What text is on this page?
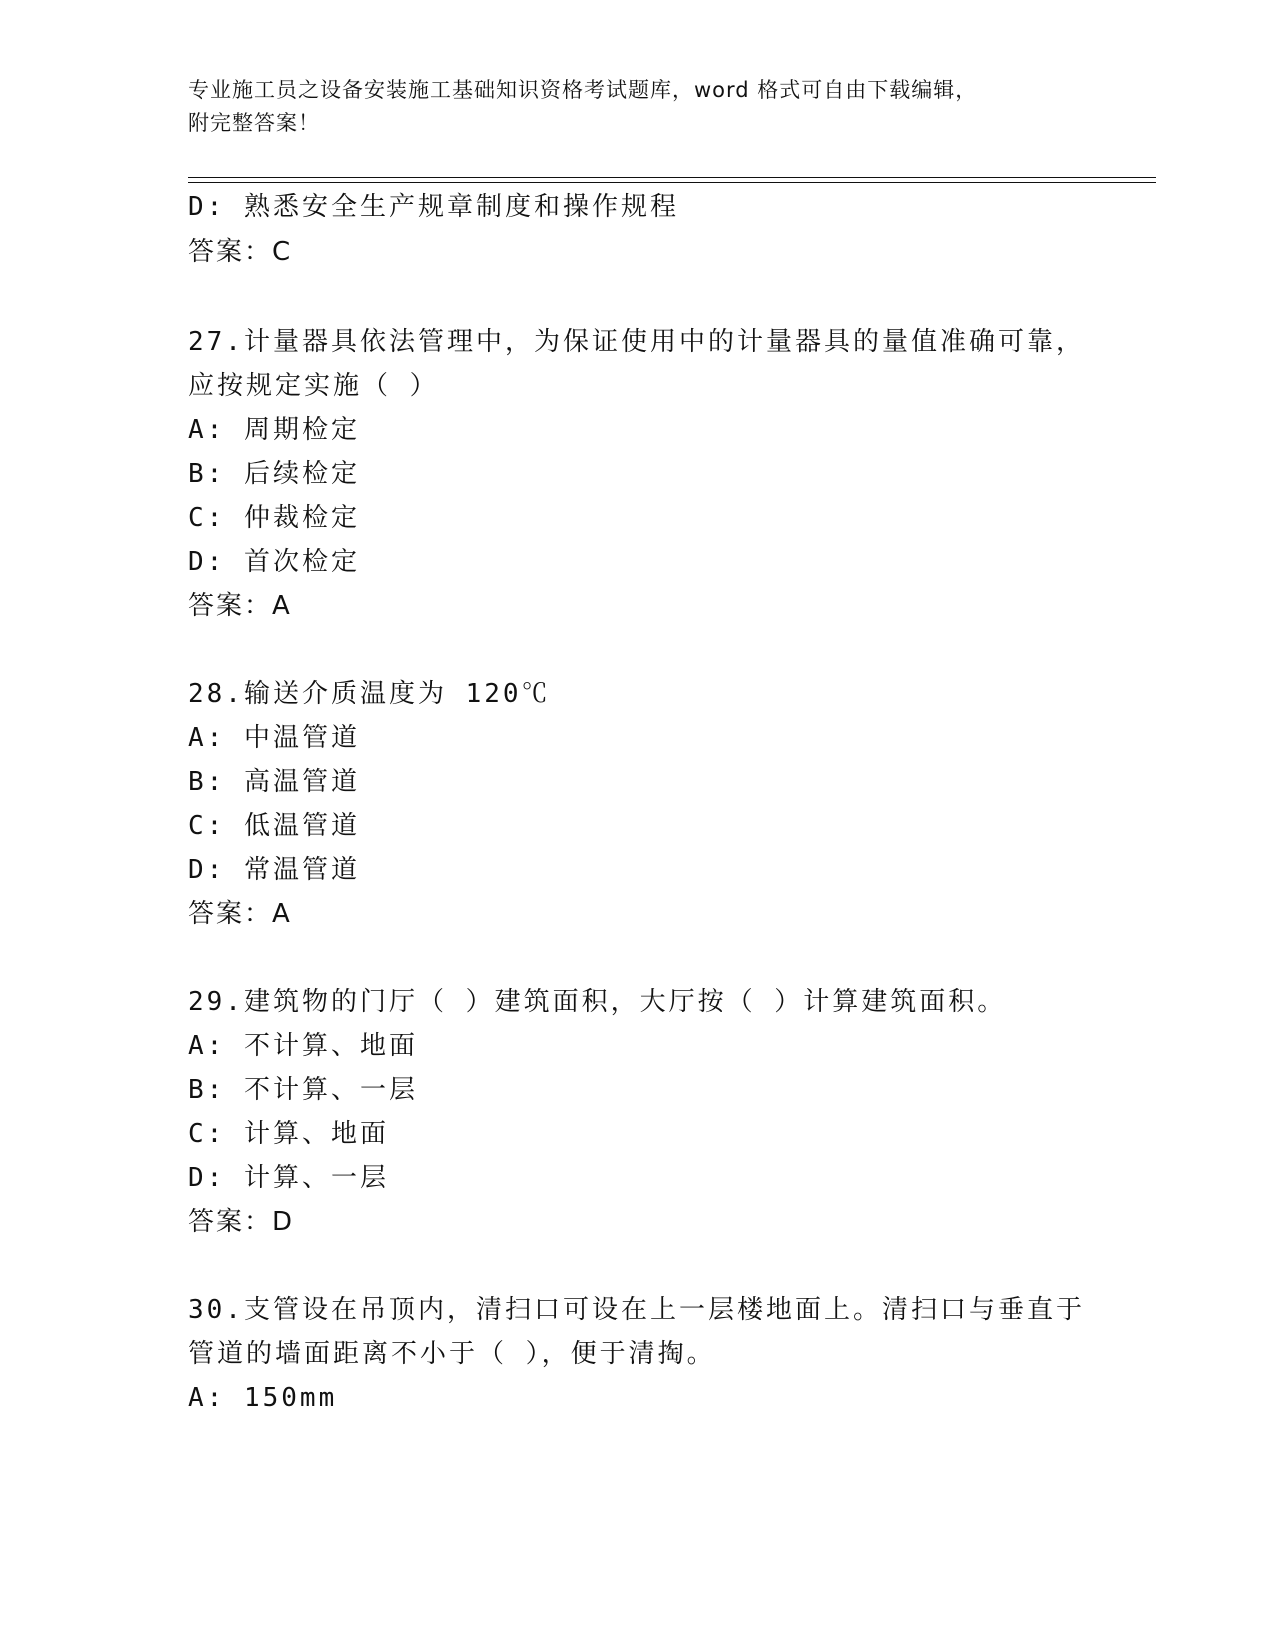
专业施工员之设备安装施工基础知识资格考试题库，word 格式可自由下载编辑，
附完整答案！
D: 熟悉安全生产规章制度和操作规程
答案：C
27.计量器具依法管理中，为保证使用中的计量器具的量值准确可靠，
应按规定实施（ ）
A: 周期检定
B: 后续检定
C: 仲裁检定
D: 首次检定
答案：A
28.输送介质温度为 120℃
A: 中温管道
B: 高温管道
C: 低温管道
D: 常温管道
答案：A
29.建筑物的门厅（ ）建筑面积，大厅按（ ）计算建筑面积。
A: 不计算、地面
B: 不计算、一层
C: 计算、地面
D: 计算、一层
答案：D
30.支管设在吊顶内，清扫口可设在上一层楼地面上。清扫口与垂直于
管道的墙面距离不小于（ ），便于清掏。
A: 150mm
